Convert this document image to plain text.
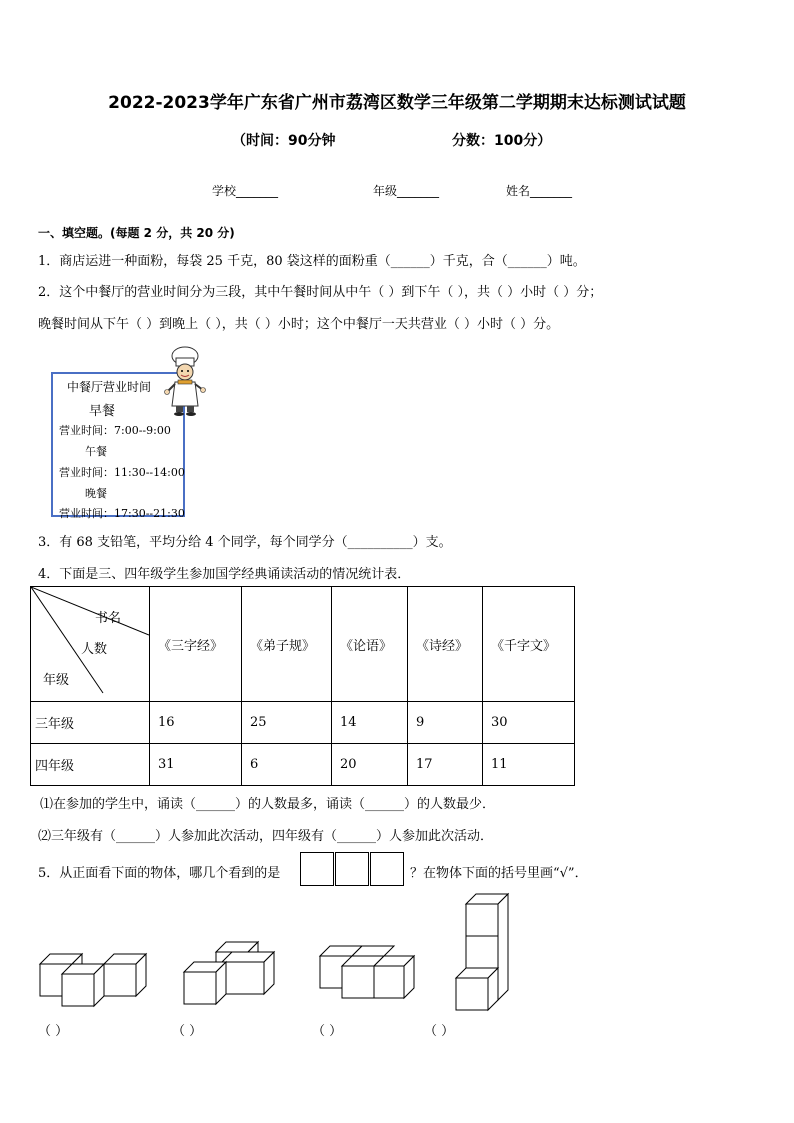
2022-2023学年广东省广州市荔湾区数学三年级第二学期期末达标测试试题
（时间：90分钟	分数：100分）
学校_______	年级_______	姓名_______
一、填空题。(每题 2 分，共 20 分)
1．商店运进一种面粉，每袋 25 千克，80 袋这样的面粉重（______）千克，合（______）吨。
2．这个中餐厅的营业时间分为三段，其中午餐时间从中午（ ）到下午（ ），共（ ）小时（ ）分；
晚餐时间从下午（ ）到晚上（ ），共（ ）小时；这个中餐厅一天共营业（ ）小时（ ）分。
中餐厅营业时间
早餐
营业时间：7:00--9:00
午餐
营业时间：11:30--14:00
晚餐
营业时间：17:30--21:30
3．有 68 支铅笔，平均分给 4 个同学，每个同学分（__________）支。
4．下面是三、四年级学生参加国学经典诵读活动的情况统计表．
书名
人数
年级	《三字经》	《弟子规》	《论语》	《诗经》	《千字文》
三年级	16	25	14	9	30
四年级	31	6	20	17	11
⑴在参加的学生中，诵读（______）的人数最多，诵读（______）的人数最少．
⑵三年级有（______）人参加此次活动，四年级有（______）人参加此次活动．
5．从正面看下面的物体，哪几个看到的是	？在物体下面的括号里画“√”．
（ ）	（ ）	（ ）	（ ）
